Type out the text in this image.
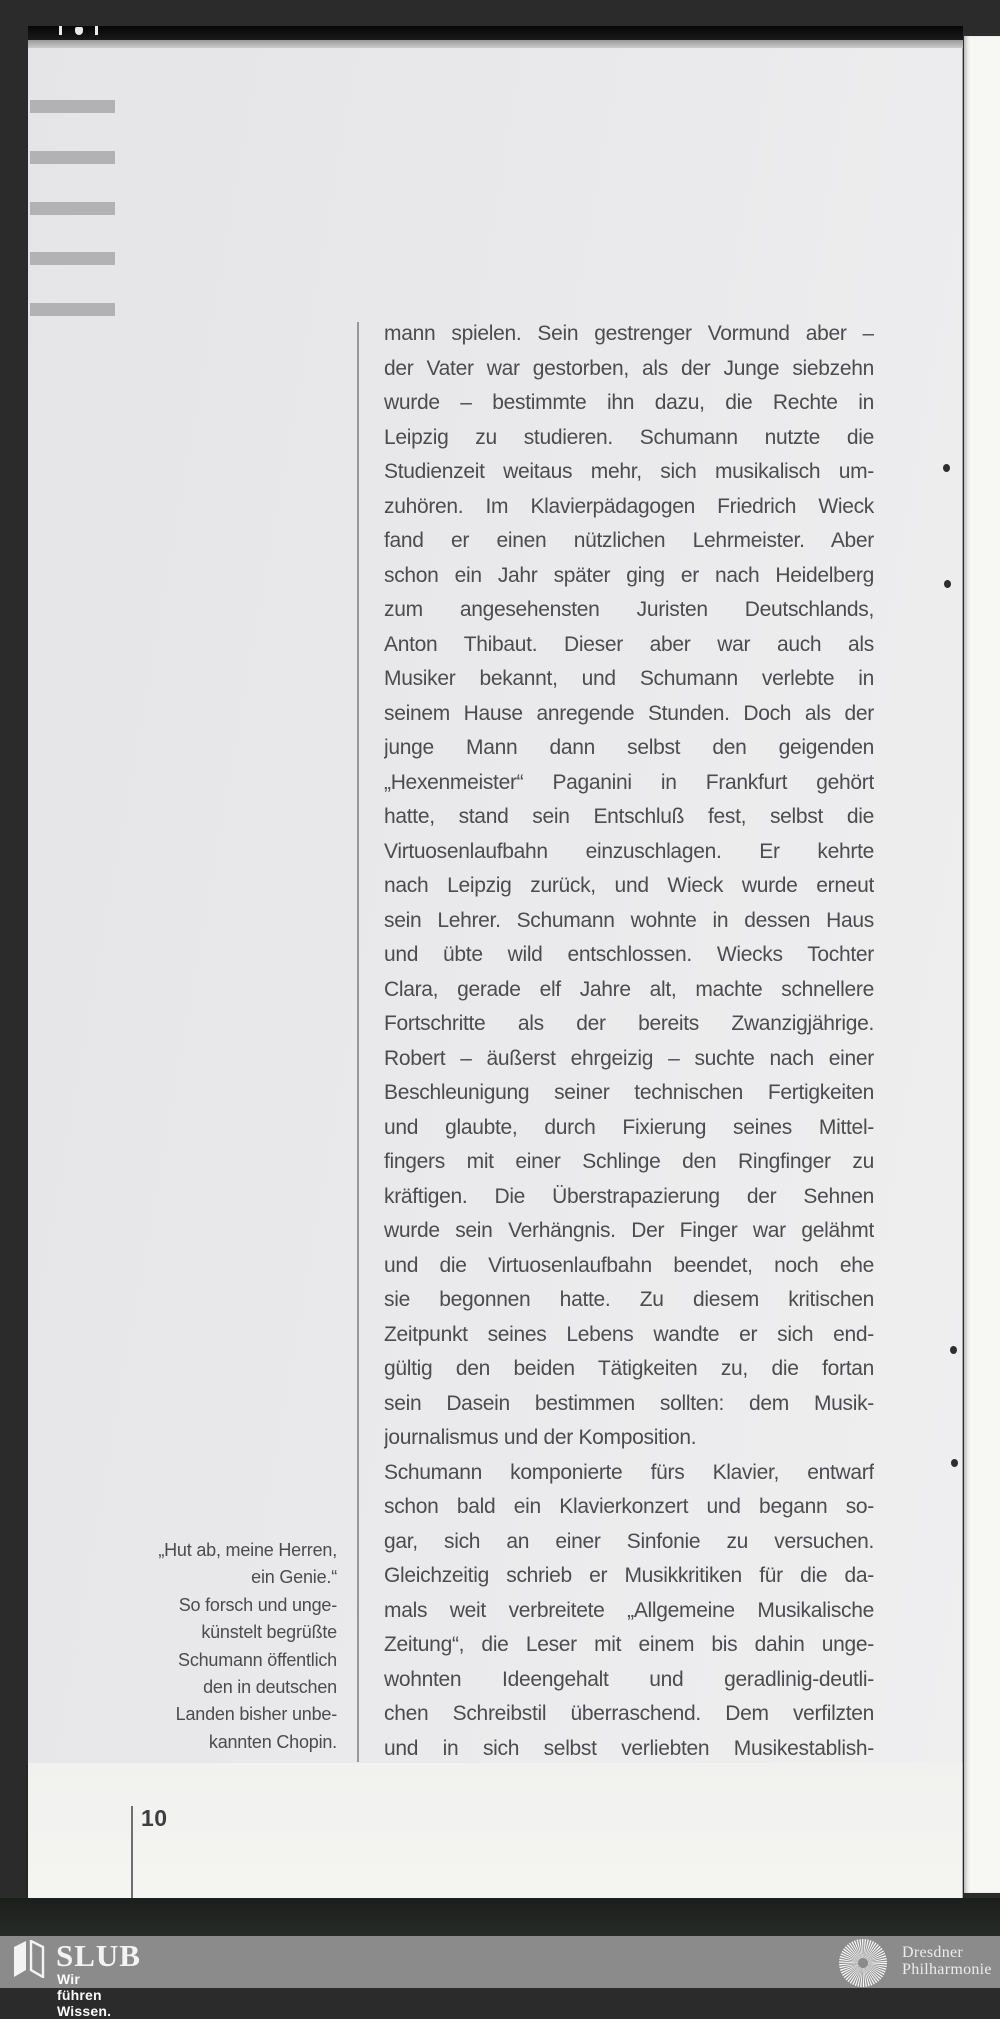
mann spielen. Sein gestrenger Vormund aber –
der Vater war gestorben, als der Junge siebzehn
wurde – bestimmte ihn dazu, die Rechte in
Leipzig zu studieren. Schumann nutzte die
Studienzeit weitaus mehr, sich musikalisch um-
zuhören. Im Klavierpädagogen Friedrich Wieck
fand er einen nützlichen Lehrmeister. Aber
schon ein Jahr später ging er nach Heidelberg
zum angesehensten Juristen Deutschlands,
Anton Thibaut. Dieser aber war auch als
Musiker bekannt, und Schumann verlebte in
seinem Hause anregende Stunden. Doch als der
junge Mann dann selbst den geigenden
„Hexenmeister“ Paganini in Frankfurt gehört
hatte, stand sein Entschluß fest, selbst die
Virtuosenlaufbahn einzuschlagen. Er kehrte
nach Leipzig zurück, und Wieck wurde erneut
sein Lehrer. Schumann wohnte in dessen Haus
und übte wild entschlossen. Wiecks Tochter
Clara, gerade elf Jahre alt, machte schnellere
Fortschritte als der bereits Zwanzigjährige.
Robert – äußerst ehrgeizig – suchte nach einer
Beschleunigung seiner technischen Fertigkeiten
und glaubte, durch Fixierung seines Mittel-
fingers mit einer Schlinge den Ringfinger zu
kräftigen. Die Überstrapazierung der Sehnen
wurde sein Verhängnis. Der Finger war gelähmt
und die Virtuosenlaufbahn beendet, noch ehe
sie begonnen hatte. Zu diesem kritischen
Zeitpunkt seines Lebens wandte er sich end-
gültig den beiden Tätigkeiten zu, die fortan
sein Dasein bestimmen sollten: dem Musik-
journalismus und der Komposition.
Schumann komponierte fürs Klavier, entwarf
schon bald ein Klavierkonzert und begann so-
gar, sich an einer Sinfonie zu versuchen.
Gleichzeitig schrieb er Musikkritiken für die da-
mals weit verbreitete „Allgemeine Musikalische
Zeitung“, die Leser mit einem bis dahin unge-
wohnten Ideengehalt und geradlinig-deutli-
chen Schreibstil überraschend. Dem verfilzten
und in sich selbst verliebten Musikestablish-
„Hut ab, meine Herren,
ein Genie.“
So forsch und unge-
künstelt begrüßte
Schumann öffentlich
den in deutschen
Landen bisher unbe-
kannten Chopin.
10
SLUB
Wir führen Wissen.
Dresdner
Philharmonie
